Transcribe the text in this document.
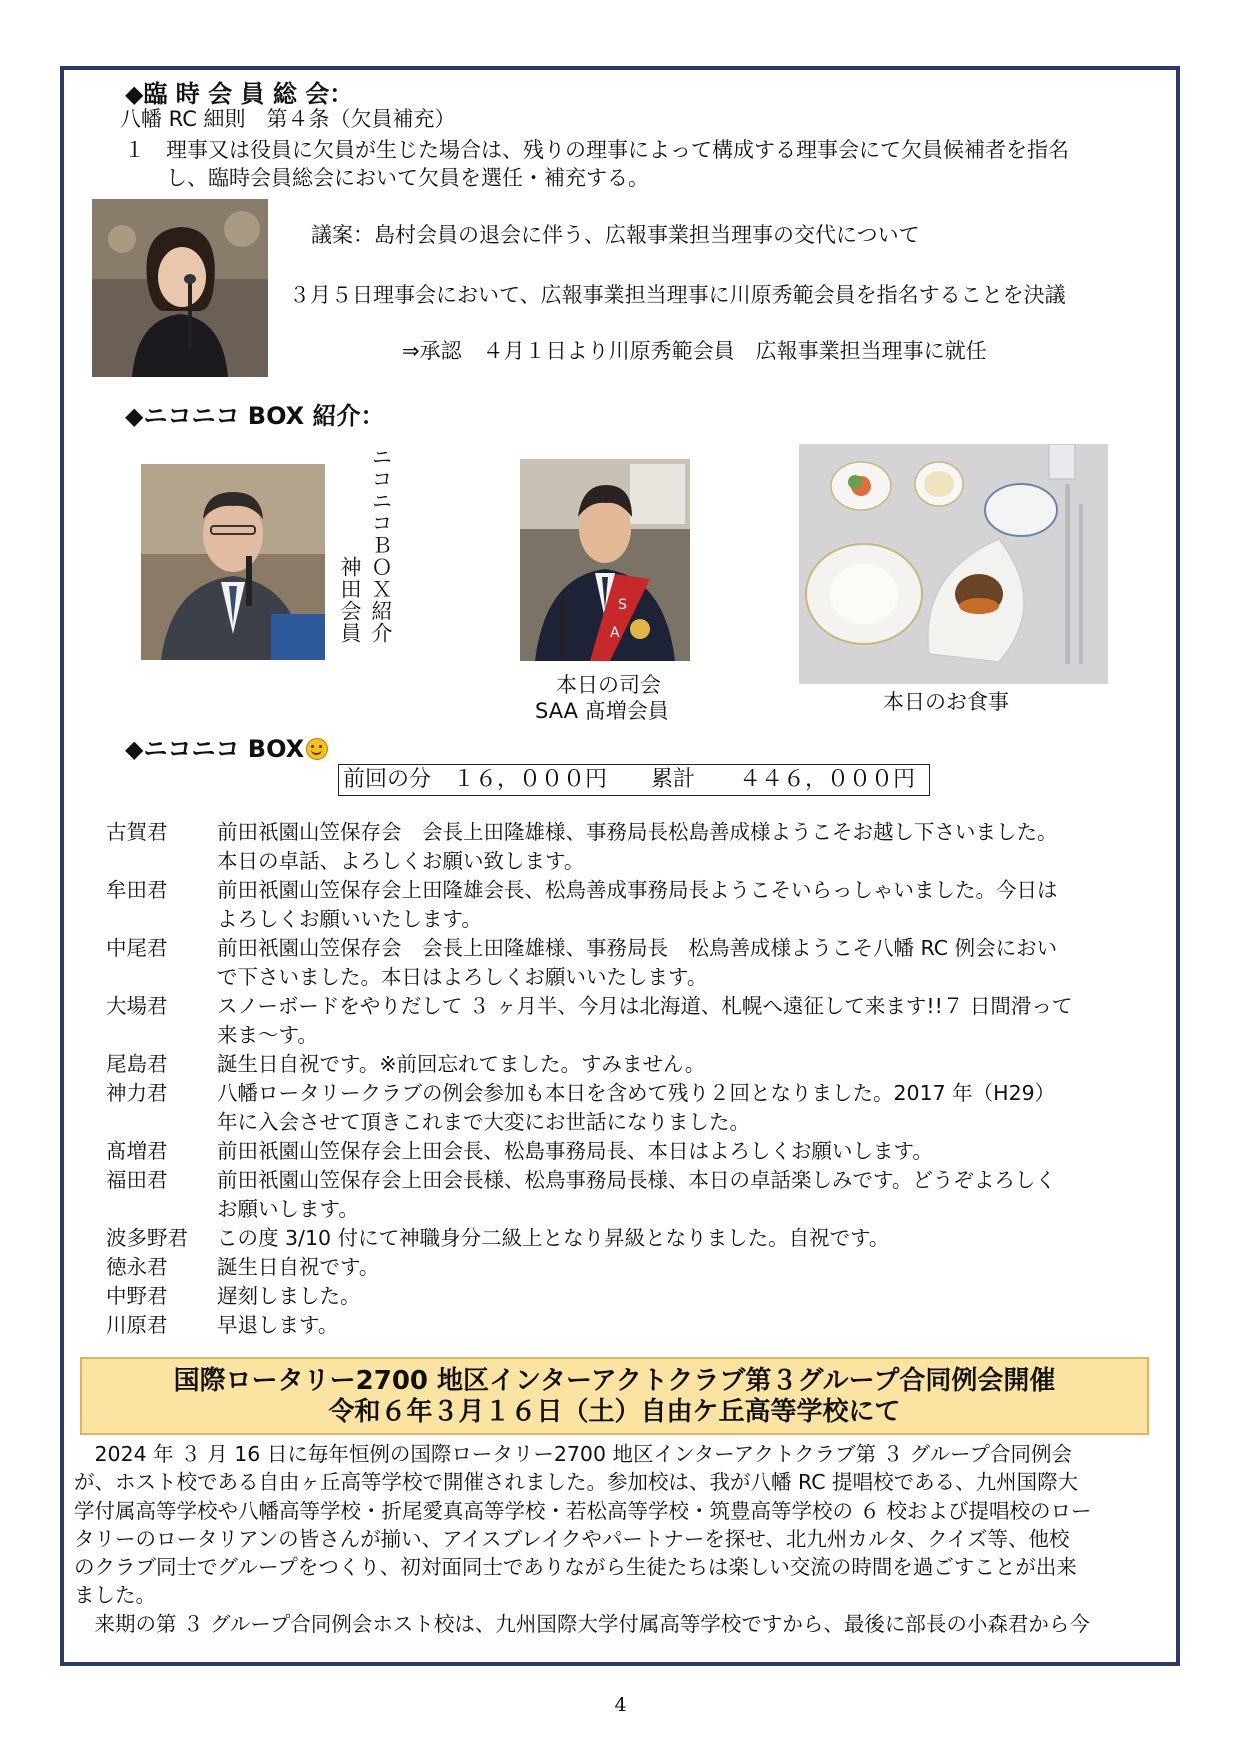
◆臨 時 会 員 総 会：
八幡 RC 細則　第４条（欠員補充）
１ 理事又は役員に欠員が生じた場合は、残りの理事によって構成する理事会にて欠員候補者を指名
し、臨時会員総会において欠員を選任・補充する。
議案：島村会員の退会に伴う、広報事業担当理事の交代について
３月５日理事会において、広報事業担当理事に川原秀範会員を指名することを決議
⇒承認　４月１日より川原秀範会員　広報事業担当理事に就任
◆ニコニコ BOX 紹介：
ニコニコＢＯＸ紹介
神田会員	S
A
本日の司会
SAA 髙増会員	本日のお食事
◆ニコニコ BOX
前回の分　１６，０００円　　累計　　４４６，０００円
古賀君	前田祇園山笠保存会　会長上田隆雄様、事務局長松島善成様ようこそお越し下さいました。
本日の卓話、よろしくお願い致します。
牟田君	前田祇園山笠保存会上田隆雄会長、松鳥善成事務局長ようこそいらっしゃいました。今日は
よろしくお願いいたします。
中尾君	前田祇園山笠保存会　会長上田隆雄様、事務局長　松鳥善成様ようこそ八幡 RC 例会におい
で下さいました。本日はよろしくお願いいたします。
大場君	スノーボードをやりだして ３ ヶ月半、今月は北海道、札幌へ遠征して来ます!!７ 日間滑って
来ま～す。
尾島君	誕生日自祝です。※前回忘れてました。すみません。
神力君	八幡ロータリークラブの例会参加も本日を含めて残り２回となりました。2017 年（H29）
年に入会させて頂きこれまで大変にお世話になりました。
髙増君	前田祇園山笠保存会上田会長、松島事務局長、本日はよろしくお願いします。
福田君	前田祇園山笠保存会上田会長様、松鳥事務局長様、本日の卓話楽しみです。どうぞよろしく
お願いします。
波多野君	この度 3/10 付にて神職身分二級上となり昇級となりました。自祝です。
徳永君	誕生日自祝です。
中野君	遅刻しました。
川原君	早退します。
国際ロータリー2700 地区インターアクトクラブ第３グループ合同例会開催
令和６年３月１６日（土）自由ケ丘高等学校にて
　2024 年 ３ 月 16 日に毎年恒例の国際ロータリー2700 地区インターアクトクラブ第 ３ グループ合同例会
が、ホスト校である自由ヶ丘高等学校で開催されました。参加校は、我が八幡 RC 提唱校である、九州国際大
学付属高等学校や八幡高等学校・折尾愛真高等学校・若松高等学校・筑豊高等学校の ６ 校および提唱校のロー
タリーのロータリアンの皆さんが揃い、アイスブレイクやパートナーを探せ、北九州カルタ、クイズ等、他校
のクラブ同士でグループをつくり、初対面同士でありながら生徒たちは楽しい交流の時間を過ごすことが出来
ました。
　来期の第 ３ グループ合同例会ホスト校は、九州国際大学付属高等学校ですから、最後に部長の小森君から今
4
